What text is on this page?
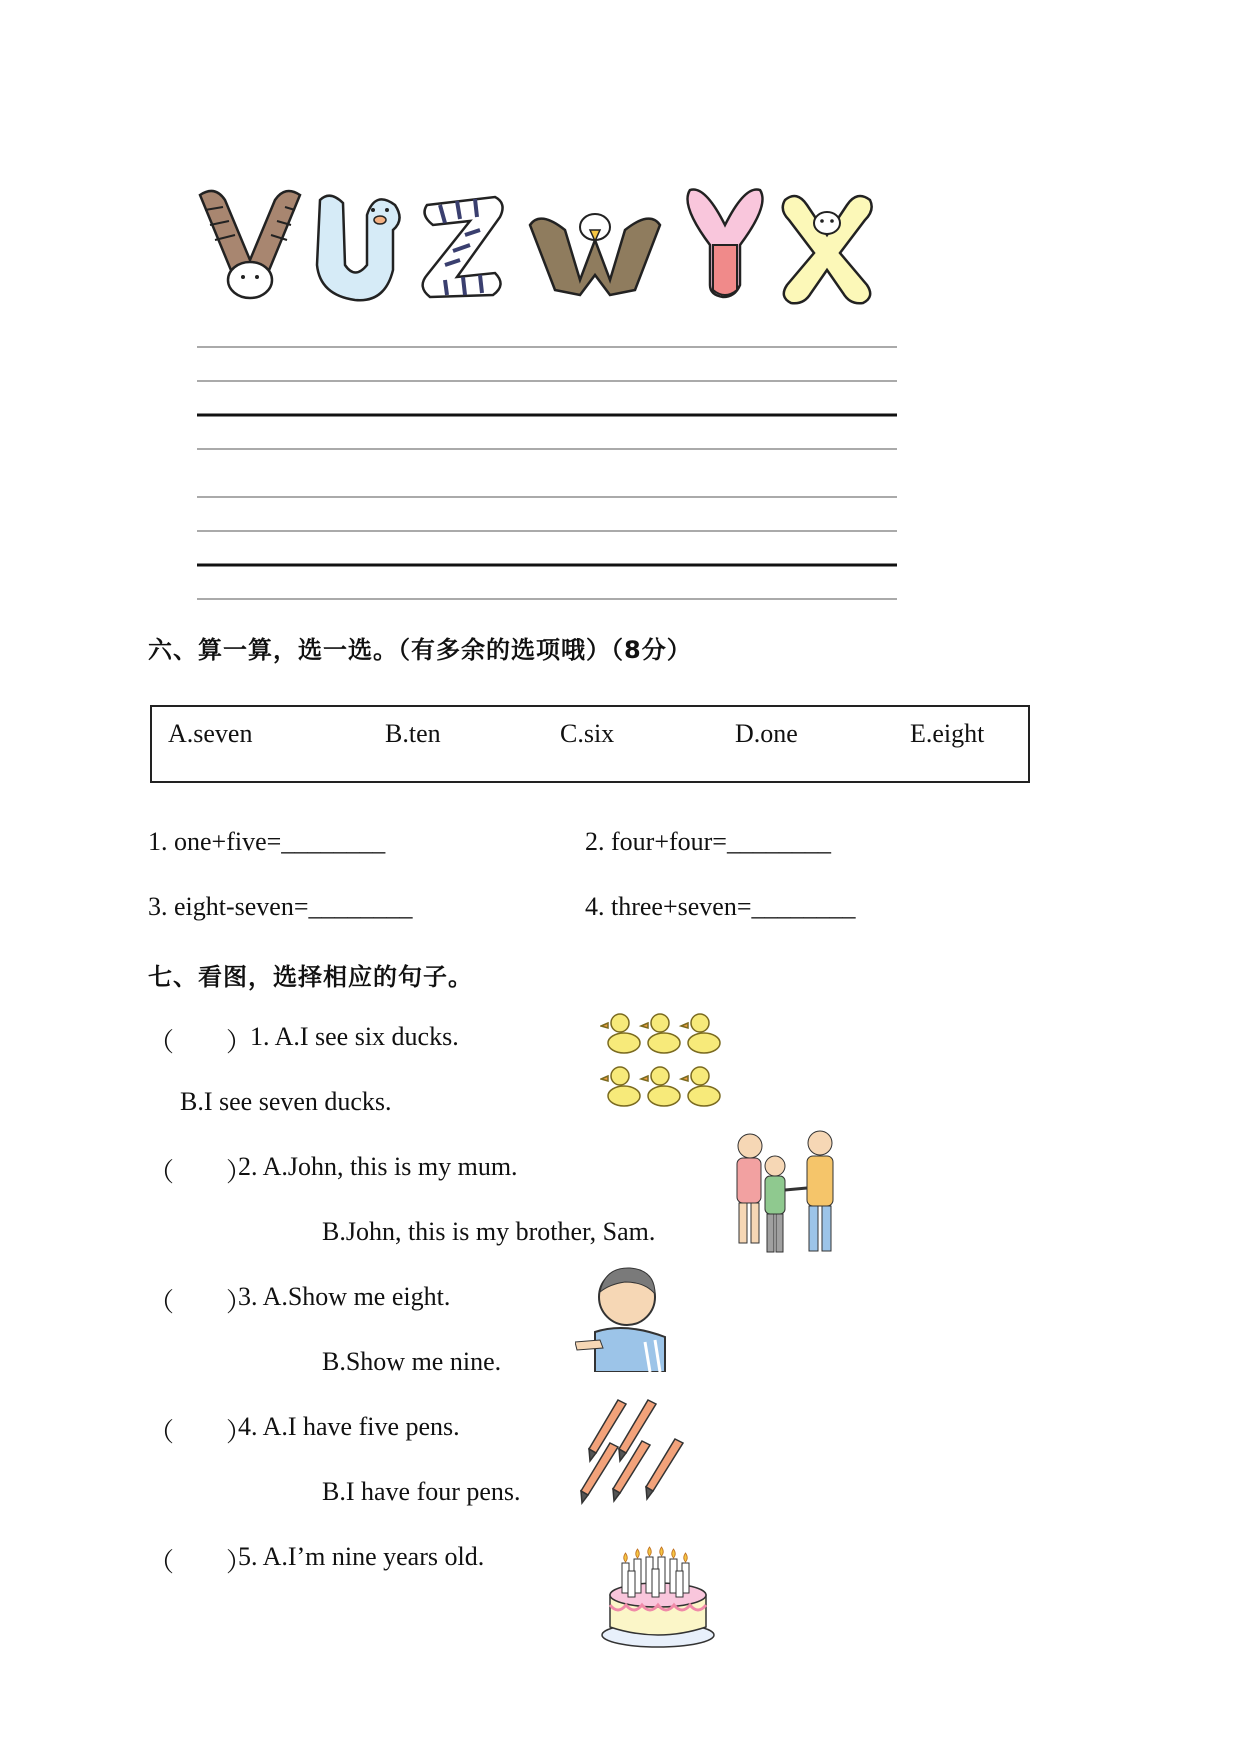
六、算一算，选一选。（有多余的选项哦）（8分）
A.seven	B.ten	C.six	D.one	E.eight
1. one+five=________	2. four+four=________
3. eight-seven=________	4. three+seven=________
七、看图，选择相应的句子。
（　　）
1. A.I see six ducks.
B.I see seven ducks.
（　　）
2. A.John, this is my mum.
B.John, this is my brother, Sam.
（　　）
3. A.Show me eight.
B.Show me nine.
（　　）
4. A.I have five pens.
B.I have four pens.
（　　）
5. A.I’m nine years old.
